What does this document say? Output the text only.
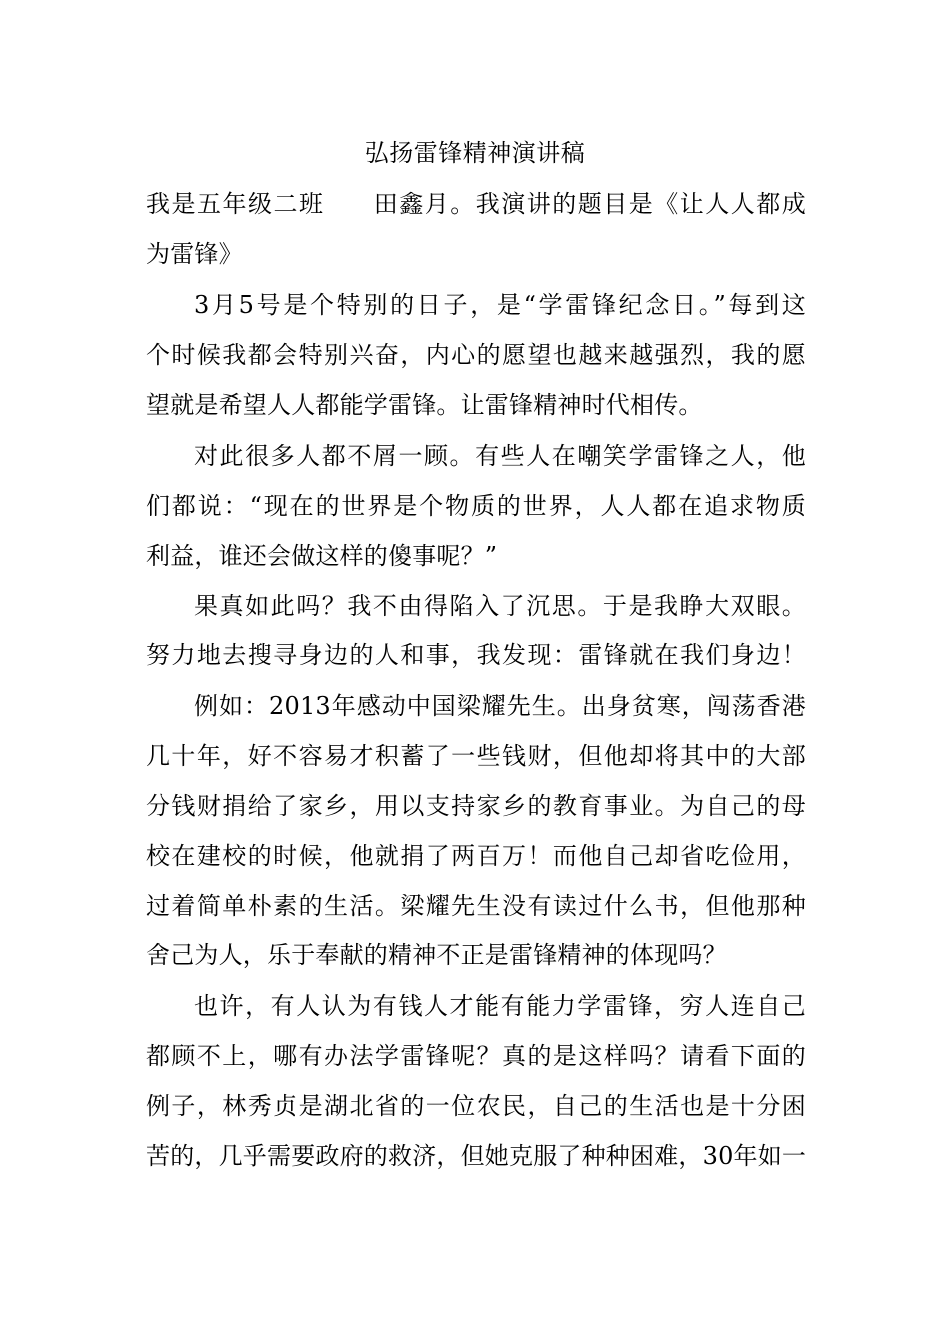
弘扬雷锋精神演讲稿
我是五年级二班 田鑫月。我演讲的题目是《让人人都成
为雷锋》
3月5号是个特别的日子，是“学雷锋纪念日。”每到这
个时候我都会特别兴奋，内心的愿望也越来越强烈，我的愿
望就是希望人人都能学雷锋。让雷锋精神时代相传。
对此很多人都不屑一顾。有些人在嘲笑学雷锋之人，他
们都说：“现在的世界是个物质的世界，人人都在追求物质
利益，谁还会做这样的傻事呢？”
果真如此吗？我不由得陷入了沉思。于是我睁大双眼。
努力地去搜寻身边的人和事，我发现：雷锋就在我们身边！
例如：2013年感动中国梁耀先生。出身贫寒，闯荡香港
几十年，好不容易才积蓄了一些钱财，但他却将其中的大部
分钱财捐给了家乡，用以支持家乡的教育事业。为自己的母
校在建校的时候，他就捐了两百万！而他自己却省吃俭用，
过着简单朴素的生活。梁耀先生没有读过什么书，但他那种
舍己为人，乐于奉献的精神不正是雷锋精神的体现吗？
也许，有人认为有钱人才能有能力学雷锋，穷人连自己
都顾不上，哪有办法学雷锋呢？真的是这样吗？请看下面的
例子，林秀贞是湖北省的一位农民，自己的生活也是十分困
苦的，几乎需要政府的救济，但她克服了种种困难，30年如一
